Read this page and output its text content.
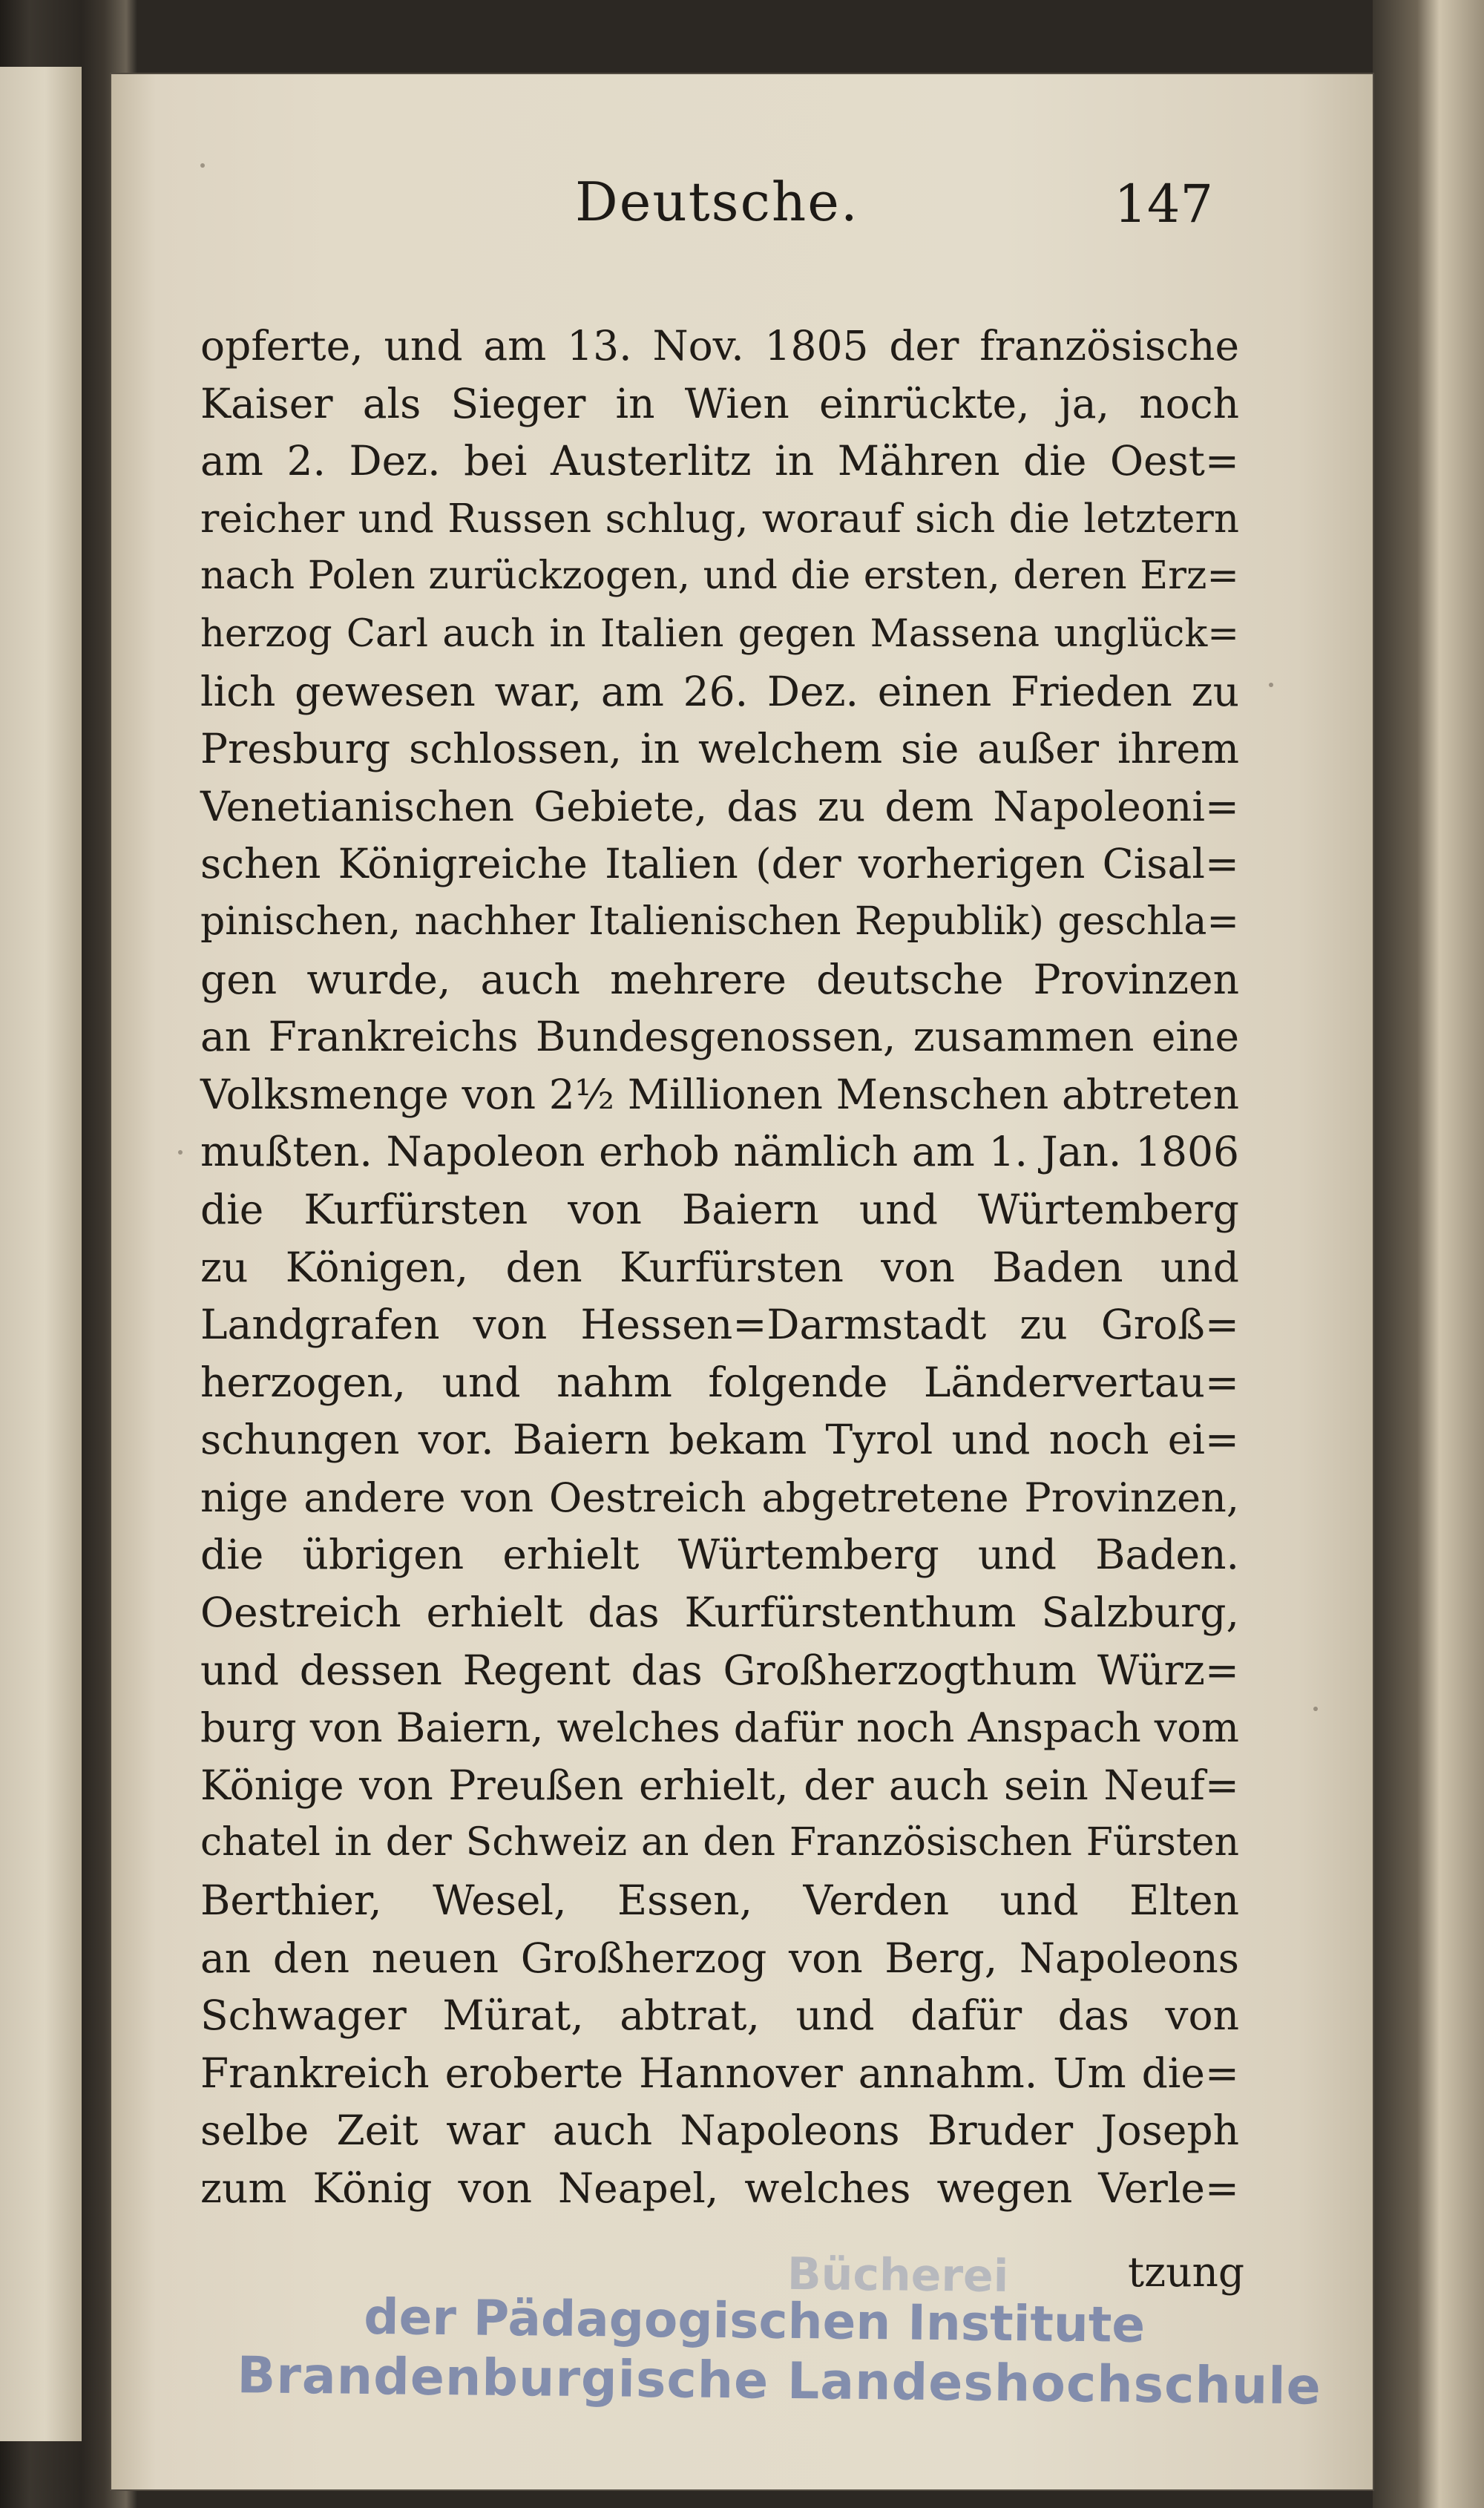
Deutsche.	147
opferte, und am 13. Nov. 1805 der französische
Kaiser als Sieger in Wien einrückte, ja, noch
am 2. Dez. bei Austerlitz in Mähren die Oest=
reicher und Russen schlug, worauf sich die letztern
nach Polen zurückzogen, und die ersten, deren Erz=
herzog Carl auch in Italien gegen Massena unglück=
lich gewesen war, am 26. Dez. einen Frieden zu
Presburg schlossen, in welchem sie außer ihrem
Venetianischen Gebiete, das zu dem Napoleoni=
schen Königreiche Italien (der vorherigen Cisal=
pinischen, nachher Italienischen Republik) geschla=
gen wurde, auch mehrere deutsche Provinzen
an Frankreichs Bundesgenossen, zusammen eine
Volksmenge von 2½ Millionen Menschen abtreten
mußten. Napoleon erhob nämlich am 1. Jan. 1806
die Kurfürsten von Baiern und Würtemberg
zu Königen, den Kurfürsten von Baden und
Landgrafen von Hessen=Darmstadt zu Groß=
herzogen, und nahm folgende Ländervertau=
schungen vor. Baiern bekam Tyrol und noch ei=
nige andere von Oestreich abgetretene Provinzen,
die übrigen erhielt Würtemberg und Baden.
Oestreich erhielt das Kurfürstenthum Salzburg,
und dessen Regent das Großherzogthum Würz=
burg von Baiern, welches dafür noch Anspach vom
Könige von Preußen erhielt, der auch sein Neuf=
chatel in der Schweiz an den Französischen Fürsten
Berthier, Wesel, Essen, Verden und Elten
an den neuen Großherzog von Berg, Napoleons
Schwager Mürat, abtrat, und dafür das von
Frankreich eroberte Hannover annahm. Um die=
selbe Zeit war auch Napoleons Bruder Joseph
zum König von Neapel, welches wegen Verle=
tzung
Bücherei
der Pädagogischen Institute
Brandenburgische Landeshochschule
